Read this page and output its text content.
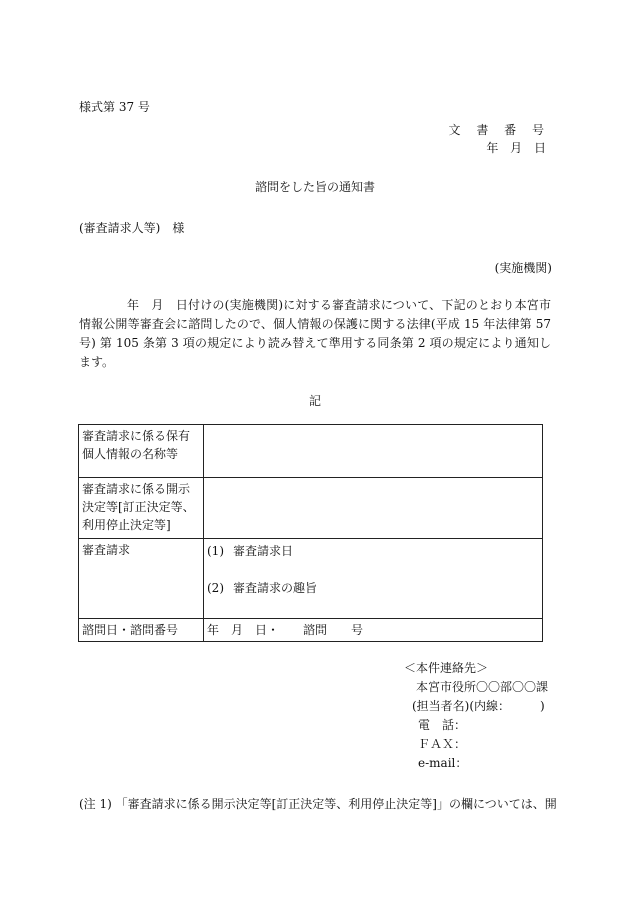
様式第 37 号
文 書 番 号
年 月 日
諮問をした旨の通知書
(審査請求人等)　様
(実施機関)
年　月　日付けの(実施機関)に対する審査請求について、下記のとおり本宮市情報公開等審査会に諮問したので、個人情報の保護に関する法律(平成 15 年法律第 57 号) 第 105 条第 3 項の規定により読み替えて準用する同条第 2 項の規定により通知します。
記
審査請求に係る保有個人情報の名称等	
審査請求に係る開示決定等[訂正決定等、利用停止決定等]	
審査請求	(1) 審査請求日
(2) 審査請求の趣旨

諮問日・諮問番号	年　月　日・　　諮問　　号
＜本件連絡先＞
本宮市役所〇〇部〇〇課
(担当者名)(内線：　　　)
電　話：
ＦＡＸ：
e-mail：
(注 1) 「審査請求に係る開示決定等[訂正決定等、利用停止決定等]」の欄については、開
